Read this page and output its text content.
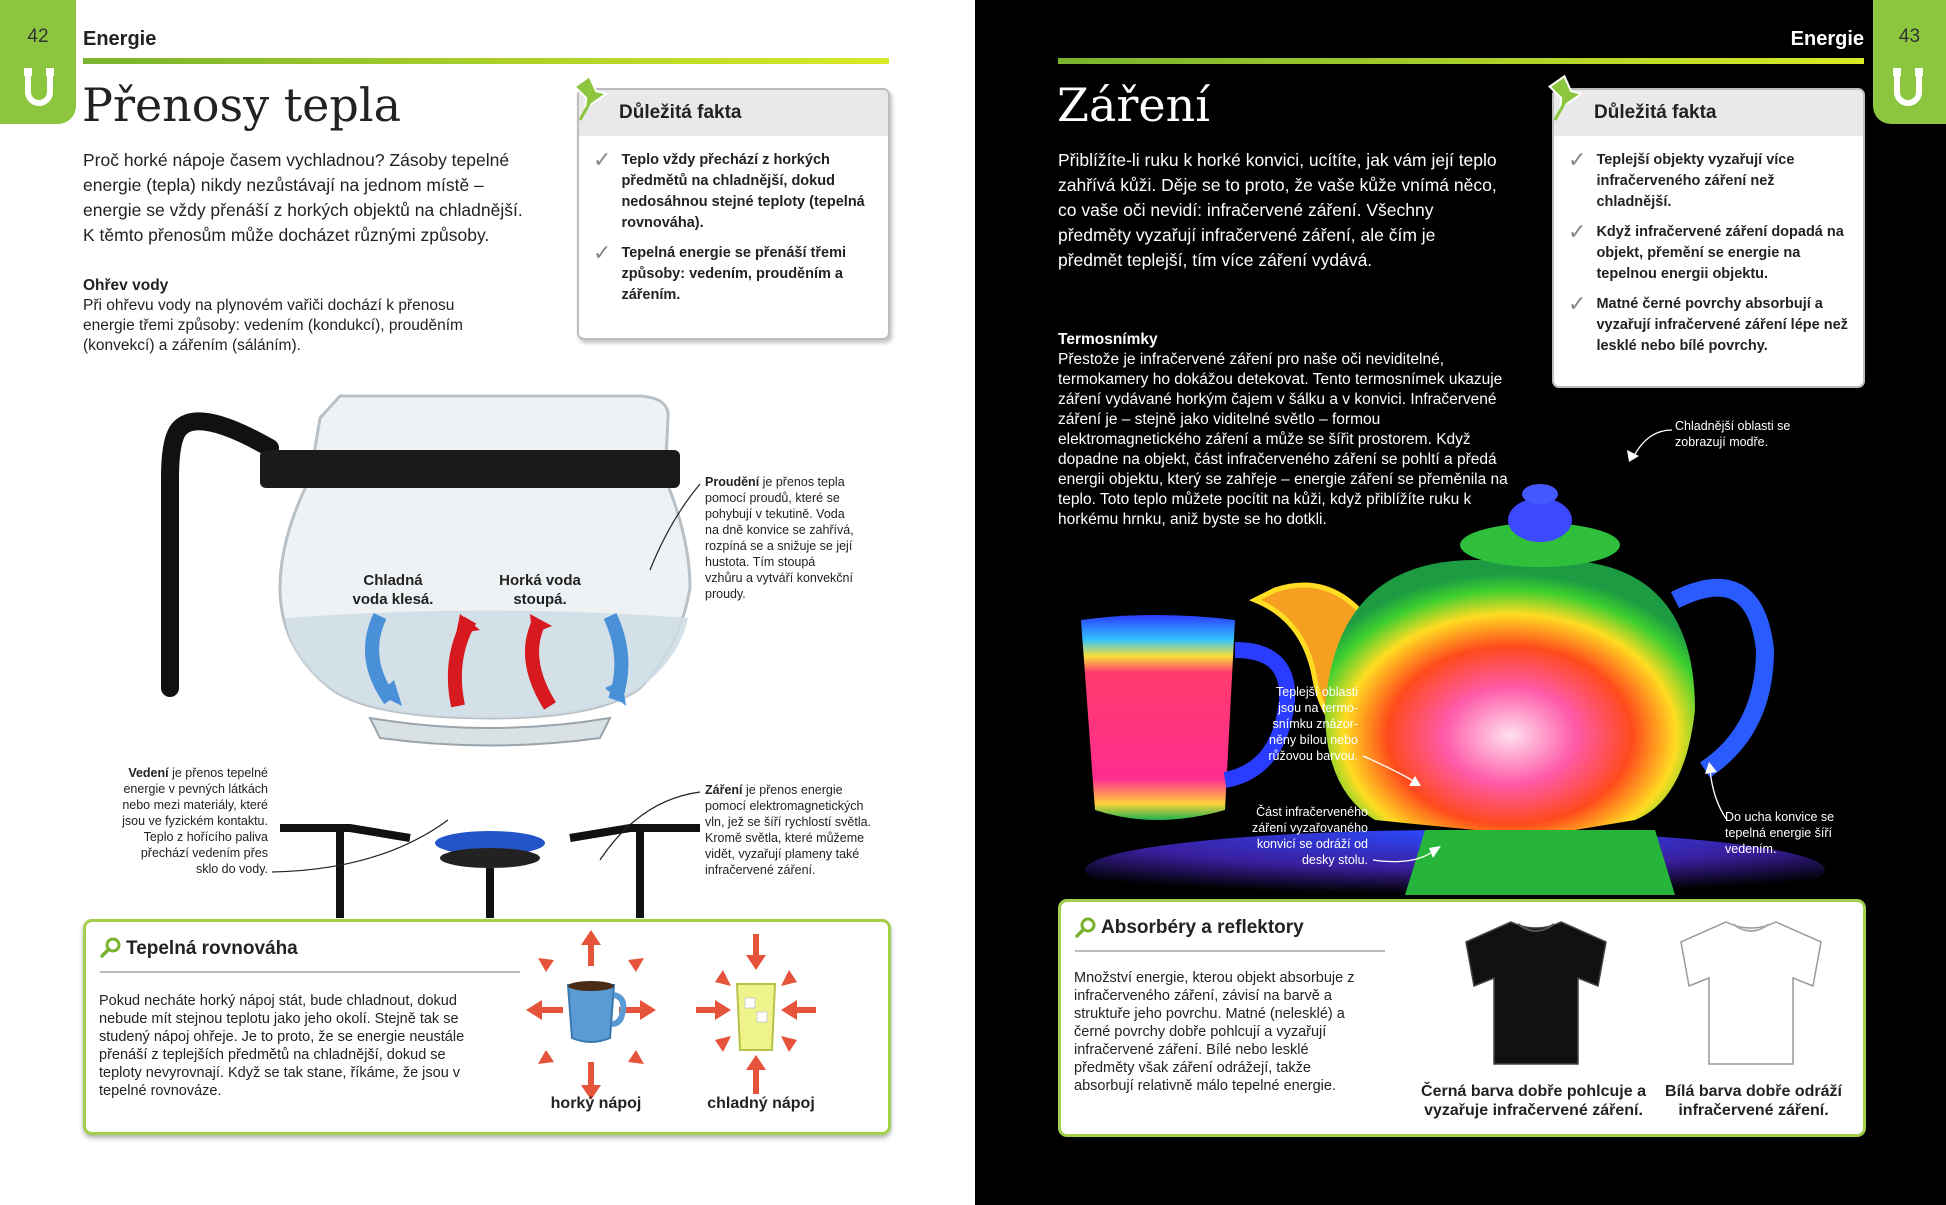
42 Energie
Přenosy tepla
Proč horké nápoje časem vychladnou? Zásoby tepelné energie (tepla) nikdy nezůstávají na jednom místě – energie se vždy přenáší z horkých objektů na chladnější. K těmto přenosům může docházet různými způsoby.
Ohřev vody
Při ohřevu vody na plynovém vařiči dochází k přenosu energie třemi způsoby: vedením (kondukcí), prouděním (konvekcí) a zářením (sáláním).
Důležitá fakta
✓ Teplo vždy přechází z horkých předmětů na chladnější, dokud nedosáhnou stejné teploty (tepelná rovnováha).
✓ Tepelná energie se přenáší třemi způsoby: vedením, prouděním a zářením.
Chladná voda klesá.
Horká voda stoupá.
Proudění je přenos tepla pomocí proudů, které se pohybují v tekutině. Voda na dně konvice se zahřívá, rozpíná se a snižuje se její hustota. Tím stoupá vzhůru a vytváří konvekční proudy.
Vedení je přenos tepelné energie v pevných látkách nebo mezi materiály, které jsou ve fyzickém kontaktu. Teplo z hořícího paliva přechází vedením přes sklo do vody.
Záření je přenos energie pomocí elektromagnetických vln, jež se šíří rychlostí světla. Kromě světla, které můžeme vidět, vyzařují plameny také infračervené záření.
Tepelná rovnováha
Pokud necháte horký nápoj stát, bude chladnout, dokud nebude mít stejnou teplotu jako jeho okolí. Stejně tak se studený nápoj ohřeje. Je to proto, že se energie neustále přenáší z teplejších předmětů na chladnější, dokud se teploty nevyrovnají. Když se tak stane, říkáme, že jsou v tepelné rovnováze.
horký nápoj	chladný nápoj
43
Energie
Záření
Přiblížíte-li ruku k horké konvici, ucítíte, jak vám její teplo zahřívá kůži. Děje se to proto, že vaše kůže vnímá něco, co vaše oči nevidí: infračervené záření. Všechny předměty vyzařují infračervené záření, ale čím je předmět teplejší, tím více záření vydává.
Termosnímky
Přestože je infračervené záření pro naše oči neviditelné, termokamery ho dokážou detekovat. Tento termosnímek ukazuje záření vydávané horkým čajem v šálku a v konvici. Infračervené záření je – stejně jako viditelné světlo – formou elektromagnetického záření a může se šířit prostorem. Když dopadne na objekt, část infračerveného záření se pohltí a předá energii objektu, který se zahřeje – energie záření se přeměnila na teplo. Toto teplo můžete pocítit na kůži, když přiblížíte ruku k horkému hrnku, aniž byste se ho dotkli.
Důležitá fakta
✓ Teplejší objekty vyzařují více infračerveného záření než chladnější.
✓ Když infračervené záření dopadá na objekt, přemění se energie na tepelnou energii objektu.
✓ Matné černé povrchy absorbují a vyzařují infračervené záření lépe než lesklé nebo bílé povrchy.
Chladnější oblasti se zobrazují modře.
Teplejší oblasti jsou na termo-snímku znázor-něny bílou nebo růžovou barvou.
Část infračerveného záření vyzařovaného konvicí se odráží od desky stolu.
Do ucha konvice se tepelná energie šíří vedením.
Absorbéry a reflektory
Množství energie, kterou objekt absorbuje z infračerveného záření, závisí na barvě a struktuře jeho povrchu. Matné (nelesklé) a černé povrchy dobře pohlcují a vyzařují infračervené záření. Bílé nebo lesklé předměty však záření odrážejí, takže absorbují relativně málo tepelné energie.	Černá barva dobře pohlcuje a vyzařuje infračervené záření.
Bílá barva dobře odráží infračervené záření.
